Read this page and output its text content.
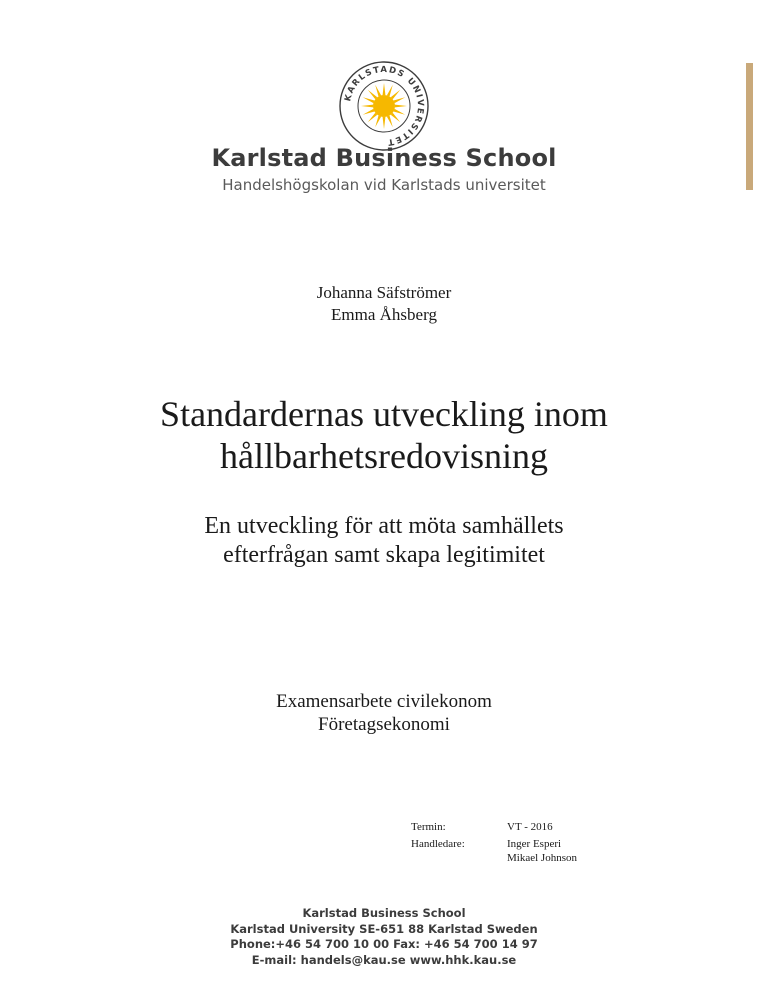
KARLSTADS UNIVERSITET
Karlstad Business School
Handelshögskolan vid Karlstads universitet
Johanna Säfströmer
Emma Åhsberg
Standardernas utveckling inom
hållbarhetsredovisning
En utveckling för att möta samhällets
efterfrågan samt skapa legitimitet
Examensarbete civilekonom
Företagsekonomi
Termin:	VT - 2016
Handledare:	Inger Esperi
Mikael Johnson
Karlstad Business School
Karlstad University SE-651 88 Karlstad Sweden
Phone:+46 54 700 10 00 Fax: +46 54 700 14 97
E-mail: handels@kau.se www.hhk.kau.se
